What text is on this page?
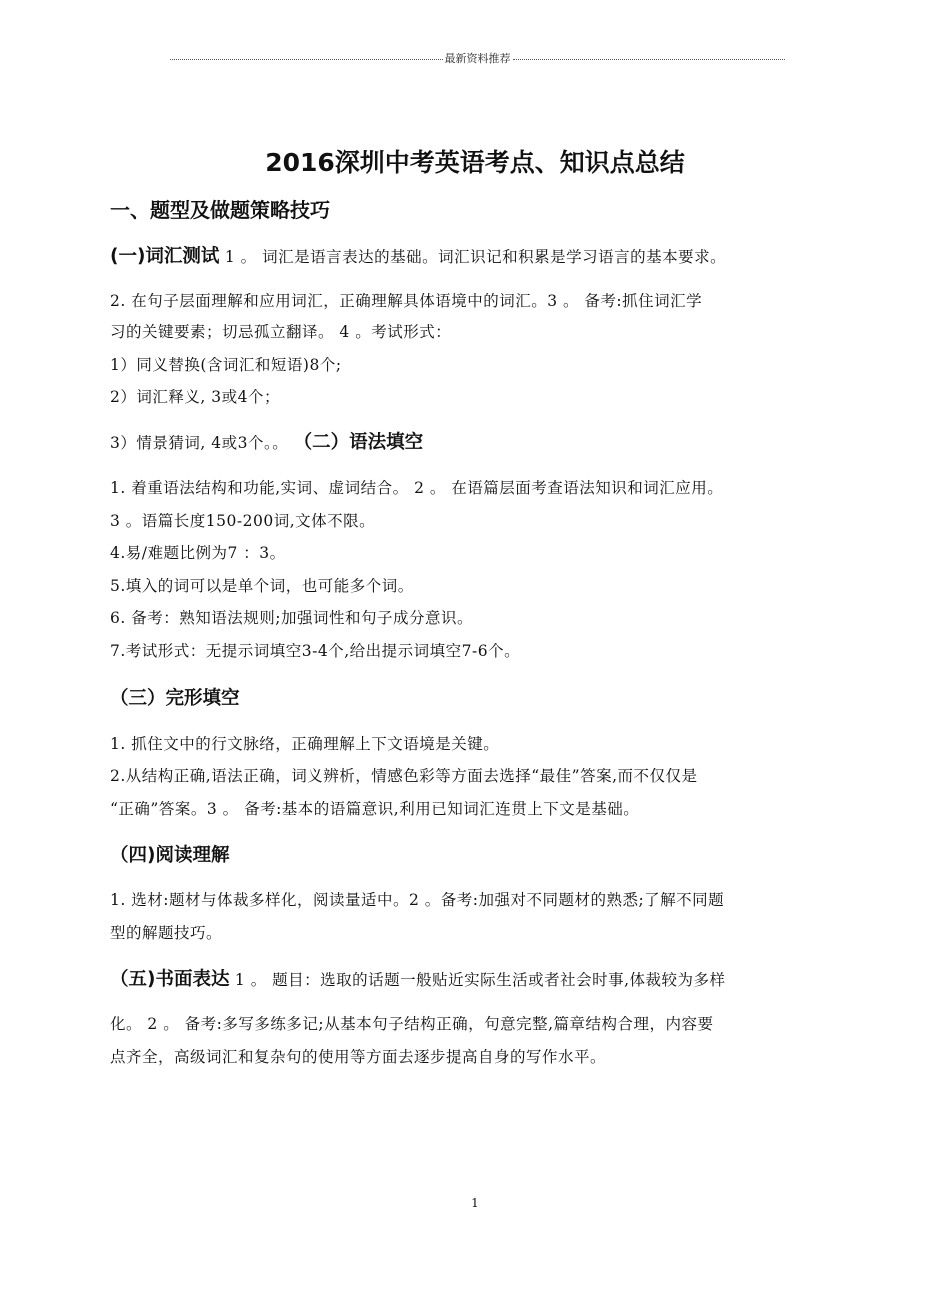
最新资料推荐
2016深圳中考英语考点、知识点总结
一、题型及做题策略技巧
(一)词汇测试 1 。 词汇是语言表达的基础。词汇识记和积累是学习语言的基本要求。
2. 在句子层面理解和应用词汇，正确理解具体语境中的词汇。3 。 备考:抓住词汇学
习的关键要素；切忌孤立翻译。 4 。考试形式：
1）同义替换(含词汇和短语)8个;
2）词汇释义, 3或4个；
3）情景猜词, 4或3个。。 （二）语法填空
1. 着重语法结构和功能,实词、虚词结合。 2 。 在语篇层面考查语法知识和词汇应用。
3 。语篇长度150-200词,文体不限。
4.易/难题比例为7 ：3。
5.填入的词可以是单个词，也可能多个词。
6. 备考：熟知语法规则;加强词性和句子成分意识。
7.考试形式：无提示词填空3-4个,给出提示词填空7-6个。
（三）完形填空
1. 抓住文中的行文脉络，正确理解上下文语境是关键。
2.从结构正确,语法正确，词义辨析，情感色彩等方面去选择“最佳”答案,而不仅仅是
“正确”答案。3 。 备考:基本的语篇意识,利用已知词汇连贯上下文是基础。
（四)阅读理解
1. 选材:题材与体裁多样化，阅读量适中。2 。备考:加强对不同题材的熟悉;了解不同题
型的解题技巧。
（五)书面表达 1 。 题目：选取的话题一般贴近实际生活或者社会时事,体裁较为多样
化。 2 。 备考:多写多练多记;从基本句子结构正确，句意完整,篇章结构合理，内容要
点齐全，高级词汇和复杂句的使用等方面去逐步提高自身的写作水平。
1
